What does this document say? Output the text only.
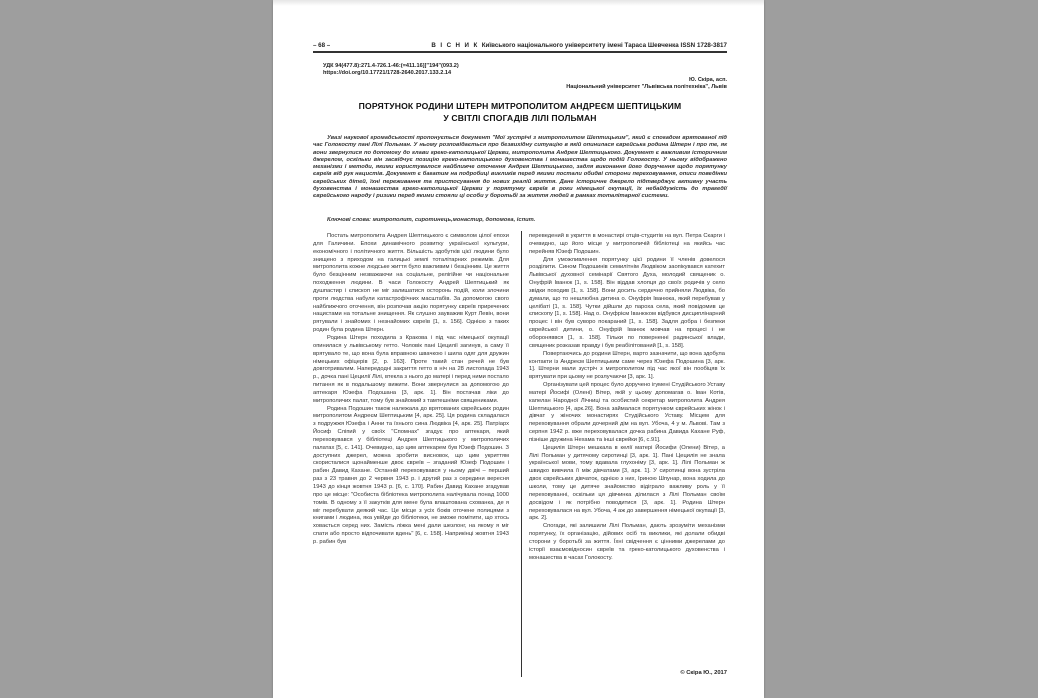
– 68 –	В І С Н И К Київського національного університету імені Тараса Шевченка ISSN 1728-3817
УДК 94(477.8):271.4-726.1-46:(=411.16)]"194"(093.2)
https://doi.org/10.17721/1728-2640.2017.133.2.14
Ю. Скіра, асп.
Національний університет "Львівська політехніка", Львів
ПОРЯТУНОК РОДИНИ ШТЕРН МИТРОПОЛИТОМ АНДРЕЄМ ШЕПТИЦЬКИМ
У СВІТЛІ СПОГАДІВ ЛІЛІ ПОЛЬМАН
Увазі наукової громадськості пропонується документ "Мої зустрічі з митрополитом Шептицьким", який є спогадом врятованої під час Голокосту пані Лілі Польман. У ньому розповідається про безвихідну ситуацію в якій опинилася єврейська родина Штерн і про те, як вони звернулися по допомогу до глави греко-католицької Церкви, митрополита Андрея Шептицького. Документ є важливим історичним джерелом, оскільки він засвідчує позицію греко-католицького духовенства і монашества щодо подій Голокосту. У ньому відображено механізми і методи, якими користувалося найближче оточення Андрея Шептицького, задля виконання його доручення щодо порятунку євреїв від рук нацистів. Документ є багатим на подробиці викликів перед якими постали обидві сторони переховування, описи поведінки єврейських дітей, їхні переживання та пристосування до нових реалій життя. Дане історичне джерело підтверджує активну участь духовенства і монашества греко-католицької Церкви у порятунку євреїв в роки німецької окупації, їх небайдужість до трагедії єврейського народу і ризики перед якими стояли ці особи у боротьбі за життя людей в рамках тоталітарної системи.
Ключові слова: митрополит, сиротинець,монастир, допомога, іспит.

Постать митрополита Андрея Шептицького є символом цілої епохи для Галичини. Епохи динамічного розвитку української культури, економічного і політичного життя. Більшість здобутків цієї людини було знищено з приходом на галицькі землі тоталітарних режимів. Для митрополита кожне людське життя було важливим і безцінним. Це життя було безцінним незважаючи на соціальне, релігійне чи національне походження людини. В часи Голокосту Андрей Шептицький як душпастир і єпископ не міг залишатися осторонь подій, коли злочини проти людства набули катастрофічних масштабів. За допомогою свого найближчого оточення, він розпочав акцію порятунку євреїв приречених нацистами на тотальне знищення. Як слушно зауважив Курт Левін, вони рятували і знайомих і незнайомих євреїв [1, s. 156]. Однією з таких родин була родина Штерн.

Родина Штерн походила з Кракова і під час німецької окупації опинилася у львівському гетто. Чоловік пані Цецилії загинув, а саму її врятувало те, що вона була вправною швачкою і шила одяг для дружин німецьких офіцерів [2, p. 163]. Проте такий стан речей не був довготривалим. Напередодні закриття гетто в ніч на 28 листопада 1943 р., дочка пані Цецилії Лілі, втекла з нього до матері і перед ними постало питання як в подальшому вижити. Вони звернулися за допомогою до аптекаря Юзефа Подошана [3, арк. 1]. Він постачав ліки до митрополичих палат, тому був знайомий з тамтешніми священиками.

Родина Подошин також належала до врятованих єврейських родин митрополитом Андреєм Шептицьким [4, арк. 25]. Ця родина складалася з подружжя Юзефа і Анни та їхнього сина Людвіка [4, арк. 25]. Патріарх Йосиф Сліпий у своїх "Спомнах" згадує про аптекаря, який переховувався у бібліотеці Андрея Шептицького у митрополичих палатах [5, с. 141]. Очевидно, що цим аптекарем був Юзеф Подошин. З доступних джерел, можна зробити висновок, що цим укриттям скористалися щонайменше двоє євреїв – згаданий Юзеф Подошин і рабин Давид Кахане. Останній переховувався у ньому двічі – перший раз з 23 травня до 2 червня 1943 р. і другий раз з середини вересня 1943 до кінця жовтня 1943 р. [6, с. 170]. Рабин Давид Кахане згадував про це місце: "Особиста бібліотека митрополита налічувала понад 1000 томів. В одному з її закутків для мене була влаштована схованка, де я міг перебувати деякий час. Це місце з усіх боків оточене полицями з книгами і людина, яка увійде до бібліотеки, не зможе помітити, що хтось ховається серед них. Замість ліжка мені дали шезлонг, на якому я міг спати або просто відпочивати вдень" [6, с. 158]. Наприкінці жовтня 1943 р. рабин був

переведений в укриття в монастирі отців-студитів на вул. Петра Скарги і очевидно, що його місце у митрополичій бібліотеці на якийсь час перейняв Юзеф Подошин.

Для уможливлення порятунку цієї родини її членів довелося розділити. Сином Подошинів семилітнім Людвіком заопікувався катехит Львівської духовної семінарії Святого Духа, молодий священик о. Онуфрій Іванюк [1, s. 158]. Він віддав хлопця до своїх родичів у село звідки походив [1, s. 158]. Вони досить сердечно прийняли Людвіка, бо думали, що то нешлюбна дитина о. Онуфрія Іванюка, який перебував у целібаті [1, s. 158]. Чутки дійшли до пароха села, який повідомив це єпископу [1, s. 158]. Над о. Онуфрієм Іванюком відбувся дисциплінарний процес і він був суворо покараний [1, s. 158]. Задля добра і безпеки єврейської дитини, о. Онуфрій Іванюк мовчав на процесі і не обороняввся [1, s. 158]. Тільки по поверненні радянської влади, священик розказав правду і був реабілітований [1, s. 158].

Повертаючись до родини Штерн, варто зазначити, що вона здобула контакти із Андреєм Шептицьким саме через Юзефа Подошина [3, арк. 1]. Штерни мали зустріч з митрополитом під час якої він пообіцяв їх врятувати при цьому не розлучаючи [3, арк. 1].

Організувати цей процес було доручено ігумені Студійського Уставу матері Йосифі (Олені) Вітер, якій у цьому допомагав о. Іван Котів, капелан Народної Лічниці та особистий секретар митрополита Андрея Шептицького [4, арк.26]. Вона займалася порятунком єврейських жінок і дівчат у жіночих монастирях Студійського Уставу. Місцем для переховування обрали дочерний дім на вул. Убоча, 4 у м. Львові. Там з серпня 1942 р. вже переховувалася дочка рабина Давида Кахане Руф, пізніше дружина Нехама та інші єврейки [6, с.91].

Цецилія Штерн мешкала в келії матері Йосифи (Олени) Вітер, а Лілі Польман у дитячому сиротинці [3, арк. 1]. Пані Цецилія не знала української мови, тому вдавала глухоніму [3, арк. 1]. Лілі Польман ж швидко вивчила її між дівчатами [3, арк. 1]. У сиротинці вона зустріла двох єврейських дівчаток, однією з них, Іриною Шпунар, вона ходила до школи, тому це дитяче знайомство відіграло важливу роль у її переховуванні, оскільки ця дівчинка ділилася з Лілі Польман своїм досвідом і як потрібно поводитися [3, арк. 1]. Родина Штерн переховувалася на вул. Убоча, 4 аж до завершення німецької окупації [3, арк. 2].

Спогади, які залишили Лілі Польман, дають зрозуміти механізми порятунку, їх організацію, дійових осіб та виклики, які долали обидві сторони у боротьбі за життя. Їхні свідчення є цінними джерелами до історії взаємовідносин євреїв та греко-католицького духовенства і монашества в часах Голокосту.

© Скіра Ю., 2017
